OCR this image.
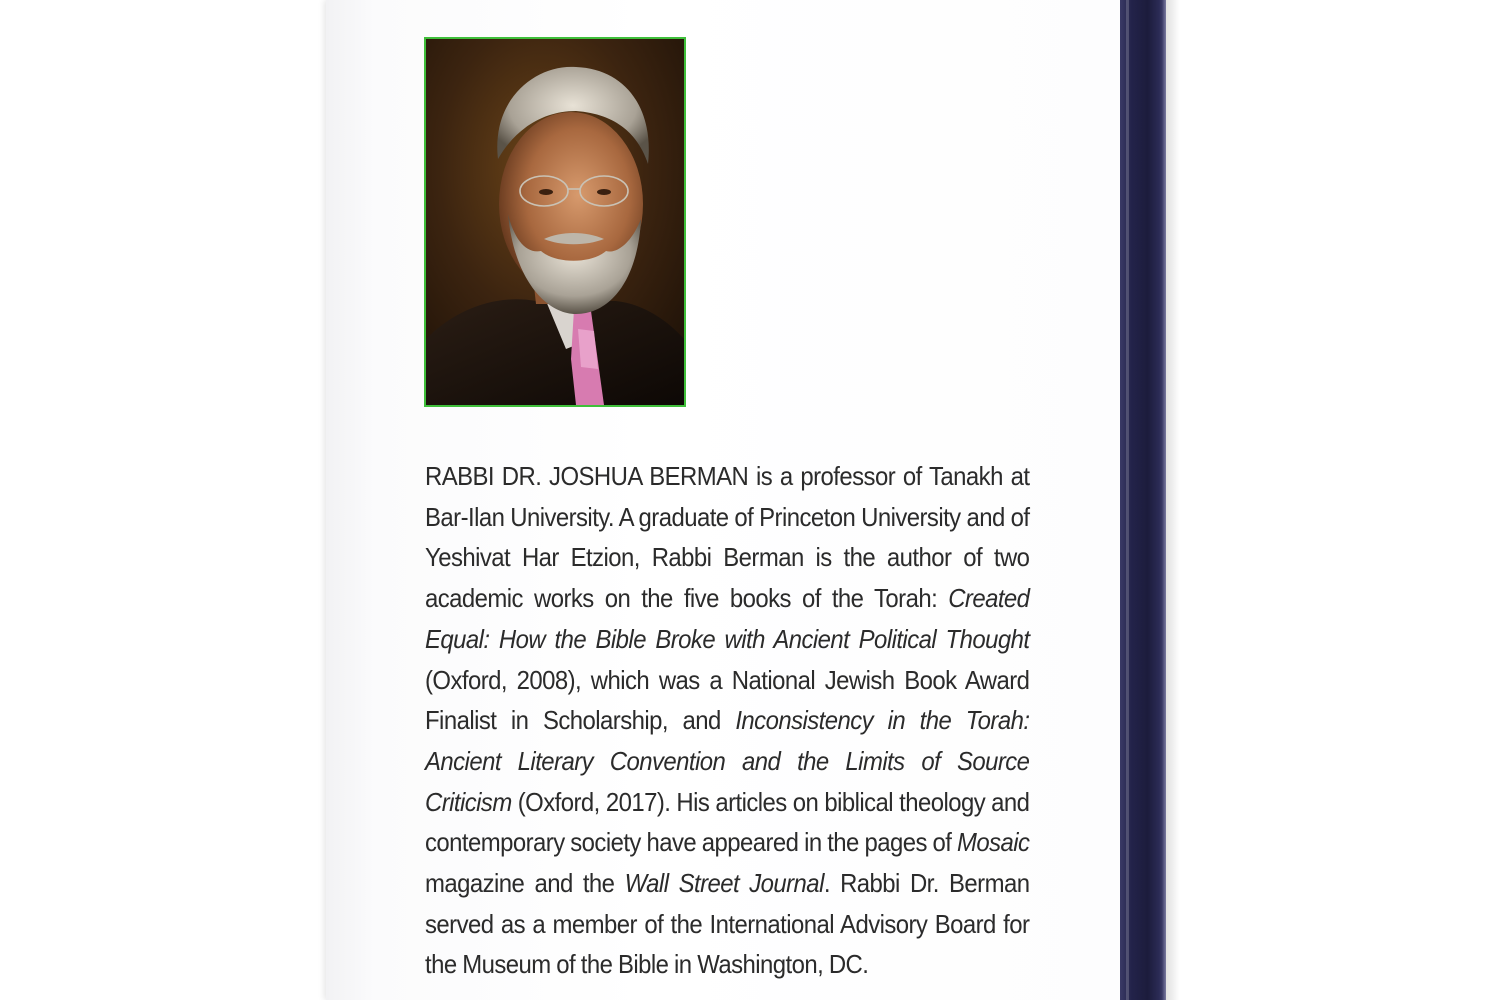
RABBI DR. JOSHUA BERMAN is a professor of Tanakh at Bar-Ilan University. A graduate of Princeton University and of Yeshivat Har Etzion, Rabbi Berman is the author of two academic works on the five books of the Torah: Created Equal: How the Bible Broke with Ancient Political Thought (Oxford, 2008), which was a National Jewish Book Award Finalist in Scholarship, and Inconsistency in the Torah: Ancient Literary Convention and the Limits of Source Criticism (Oxford, 2017). His articles on biblical theology and contemporary society have appeared in the pages of Mosaic magazine and the Wall Street Journal. Rabbi Dr. Berman served as a member of the International Advisory Board for the Museum of the Bible in Washington, DC.
